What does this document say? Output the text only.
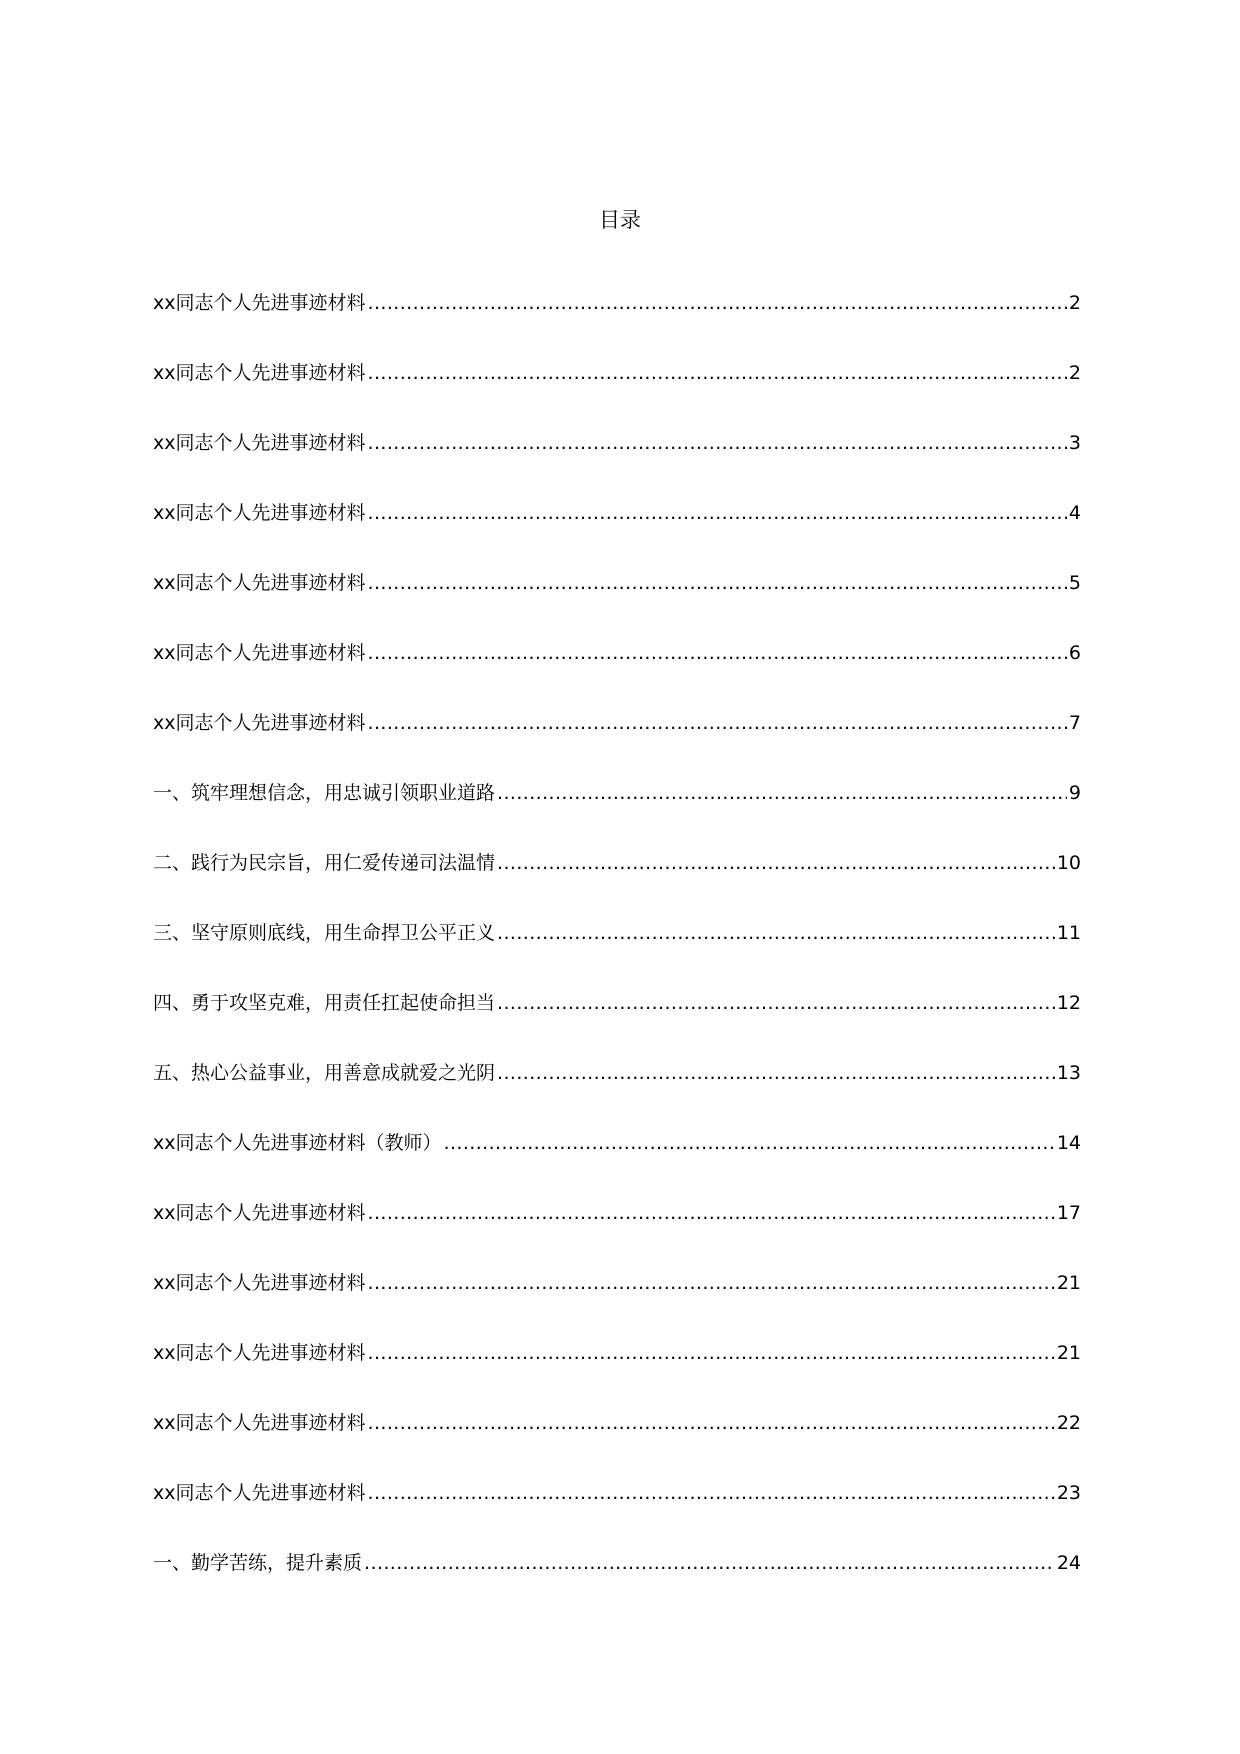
目录
xx同志个人先进事迹材料 .....	2
xx同志个人先进事迹材料 .....	2
xx同志个人先进事迹材料 .....	3
xx同志个人先进事迹材料 .....	4
xx同志个人先进事迹材料 .....	5
xx同志个人先进事迹材料 .....	6
xx同志个人先进事迹材料 .....	7
一、筑牢理想信念，用忠诚引领职业道路 .....	9
二、践行为民宗旨，用仁爱传递司法温情 .....	10
三、坚守原则底线，用生命捍卫公平正义 .....	11
四、勇于攻坚克难，用责任扛起使命担当 .....	12
五、热心公益事业，用善意成就爱之光阴 .....	13
xx同志个人先进事迹材料（教师） .....	14
xx同志个人先进事迹材料 .....	17
xx同志个人先进事迹材料 .....	21
xx同志个人先进事迹材料 .....	21
xx同志个人先进事迹材料 .....	22
xx同志个人先进事迹材料 .....	23
一、勤学苦练，提升素质 .....	24
